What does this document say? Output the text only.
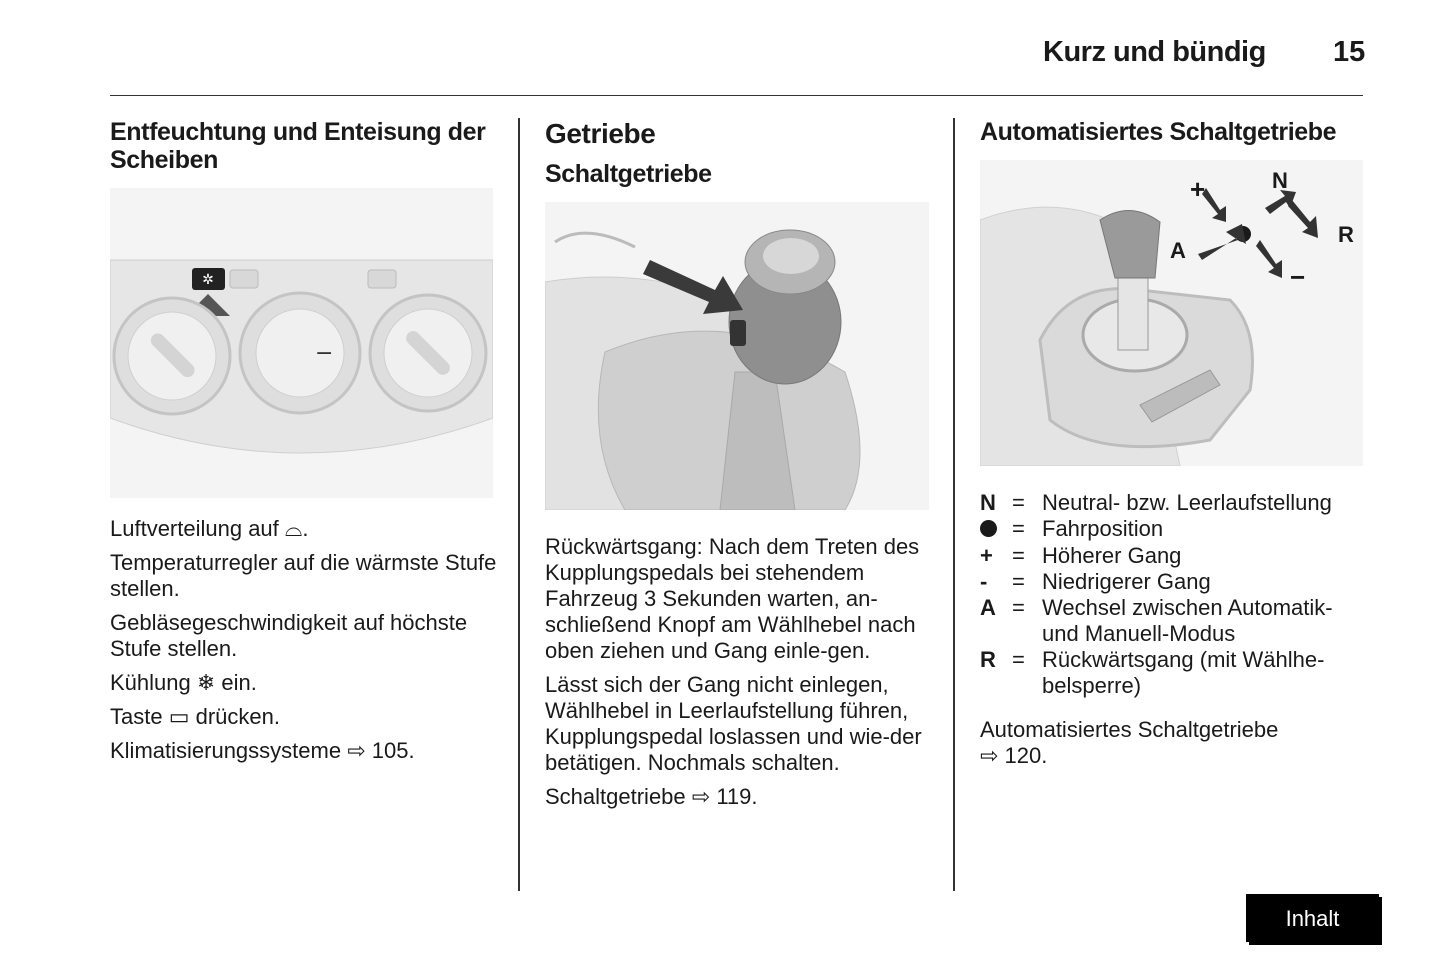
Kurz und bündig 15
Entfeuchtung und Enteisung der Scheiben
✲
−

Luftverteilung auf ⌓.

Temperaturregler auf die wärmste Stufe stellen.

Gebläsegeschwindigkeit auf höchste Stufe stellen.

Kühlung ❄ ein.

Taste ▭ drücken.

Klimatisierungssysteme ⇨ 105.

Getriebe
Schaltgetriebe

Rückwärtsgang: Nach dem Treten des Kupplungspedals bei stehendem Fahrzeug 3 Sekunden warten, an-schließend Knopf am Wählhebel nach oben ziehen und Gang einle-gen.

Lässt sich der Gang nicht einlegen, Wählhebel in Leerlaufstellung führen, Kupplungspedal loslassen und wie-der betätigen. Nochmals schalten.

Schaltgetriebe ⇨ 119.

Automatisiertes Schaltgetriebe
+	N
R
A
−
N = Neutral- bzw. Leerlaufstellung
= Fahrposition
+ = Höherer Gang
-	= Niedrigerer Gang
A = Wechsel zwischen Automatik- und Manuell-Modus
R = Rückwärtsgang (mit Wählhe-belsperre)

Automatisiertes Schaltgetriebe
⇨ 120.

Inhalt
